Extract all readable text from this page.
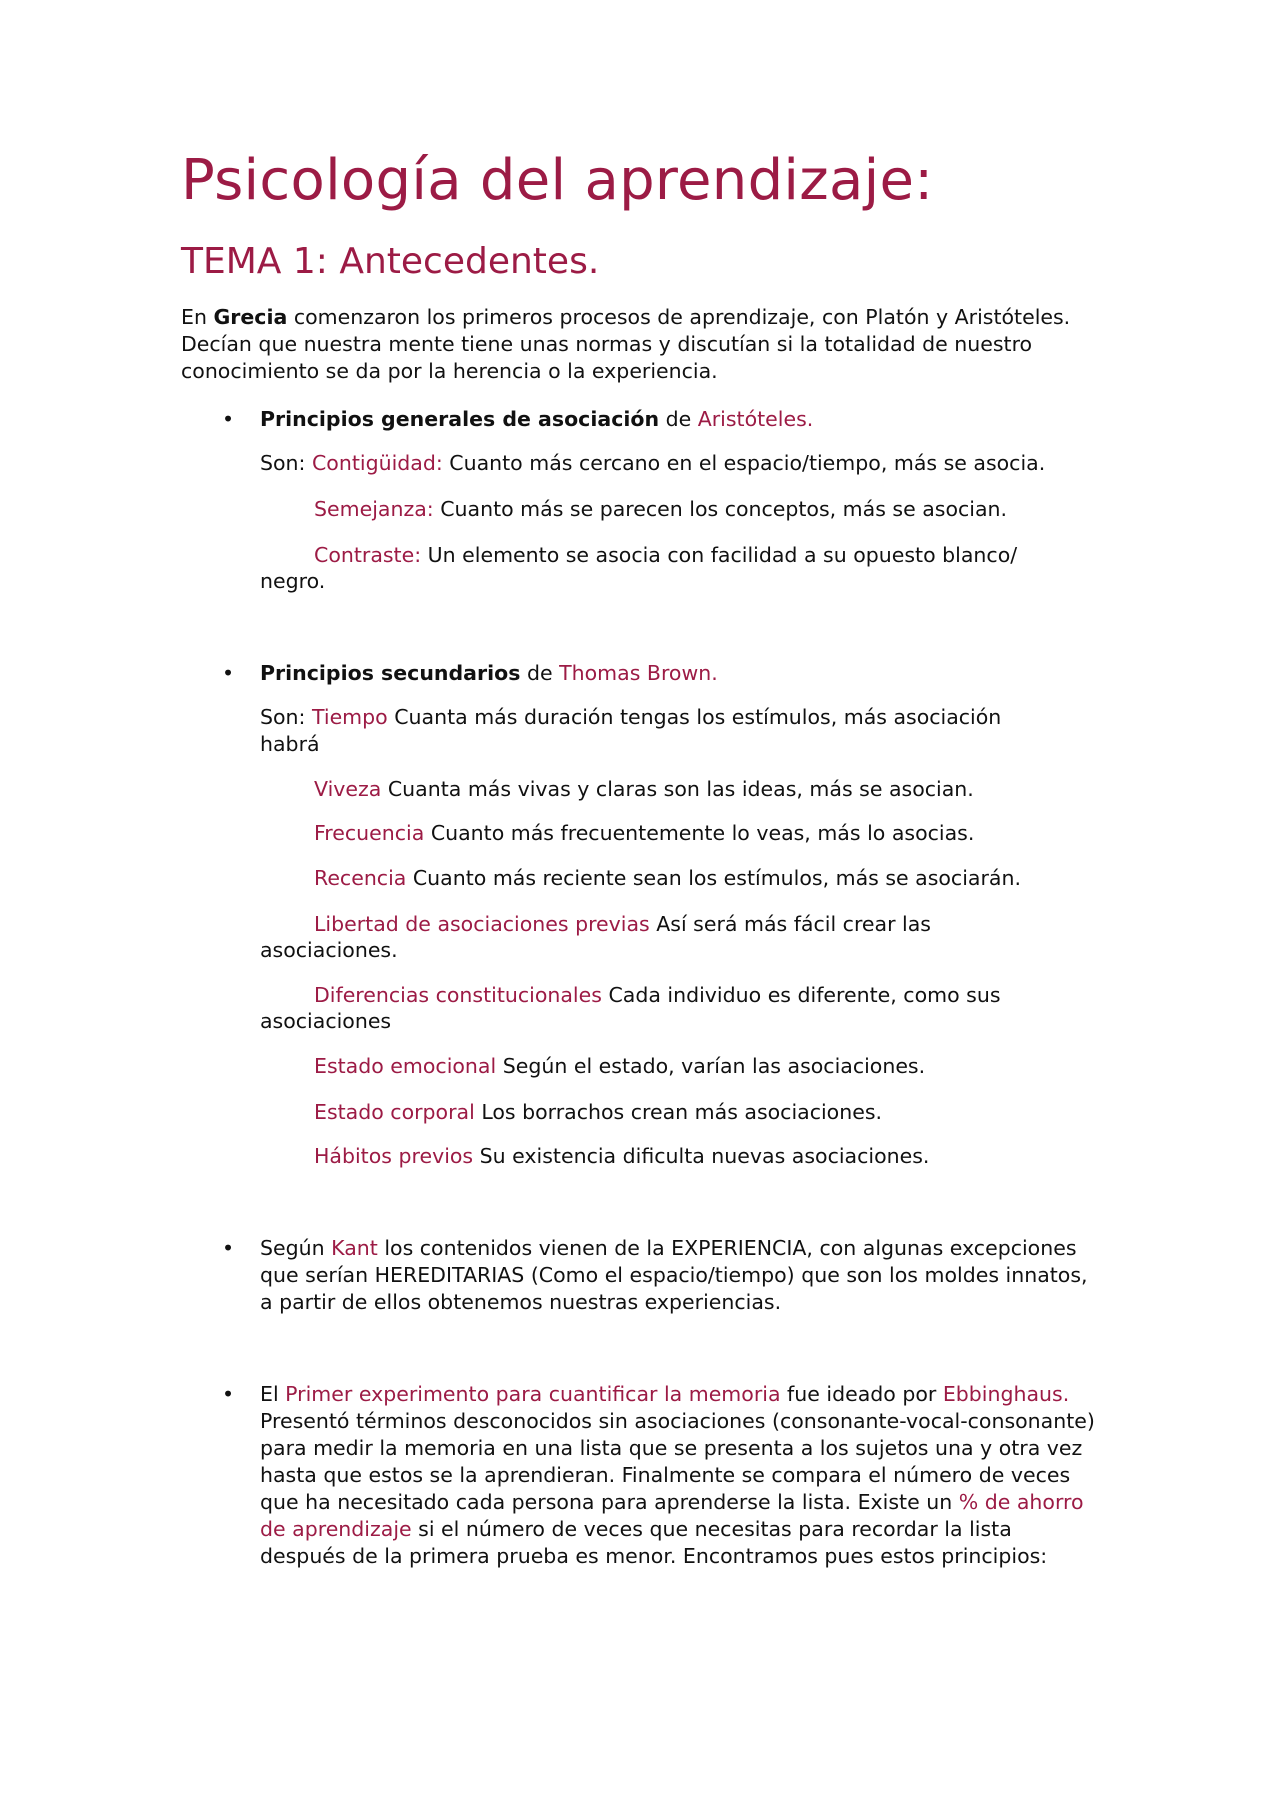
Psicología del aprendizaje:
TEMA 1: Antecedentes.

En Grecia comenzaron los primeros procesos de aprendizaje, con Platón y Aristóteles. Decían que nuestra mente tiene unas normas y discutían si la totalidad de nuestro conocimiento se da por la herencia o la experiencia.

• Principios generales de asociación de Aristóteles.

Son: Contigüidad: Cuanto más cercano en el espacio/tiempo, más se asocia.

Semejanza: Cuanto más se parecen los conceptos, más se asocian.

Contraste: Un elemento se asocia con facilidad a su opuesto blanco/

negro.

• Principios secundarios de Thomas Brown.

Son: Tiempo Cuanta más duración tengas los estímulos, más asociación

habrá

Viveza Cuanta más vivas y claras son las ideas, más se asocian.

Frecuencia Cuanto más frecuentemente lo veas, más lo asocias.

Recencia Cuanto más reciente sean los estímulos, más se asociarán.

Libertad de asociaciones previas Así será más fácil crear las

asociaciones.

Diferencias constitucionales Cada individuo es diferente, como sus

asociaciones

Estado emocional Según el estado, varían las asociaciones.

Estado corporal Los borrachos crean más asociaciones.

Hábitos previos Su existencia dificulta nuevas asociaciones.

• Según Kant los contenidos vienen de la EXPERIENCIA, con algunas excepciones que serían HEREDITARIAS (Como el espacio/tiempo) que son los moldes innatos, a partir de ellos obtenemos nuestras experiencias.

• El Primer experimento para cuantificar la memoria fue ideado por Ebbinghaus. Presentó términos desconocidos sin asociaciones (consonante-vocal-consonante) para medir la memoria en una lista que se presenta a los sujetos una y otra vez hasta que estos se la aprendieran. Finalmente se compara el número de veces que ha necesitado cada persona para aprenderse la lista. Existe un % de ahorro de aprendizaje si el número de veces que necesitas para recordar la lista después de la primera prueba es menor. Encontramos pues estos principios:
